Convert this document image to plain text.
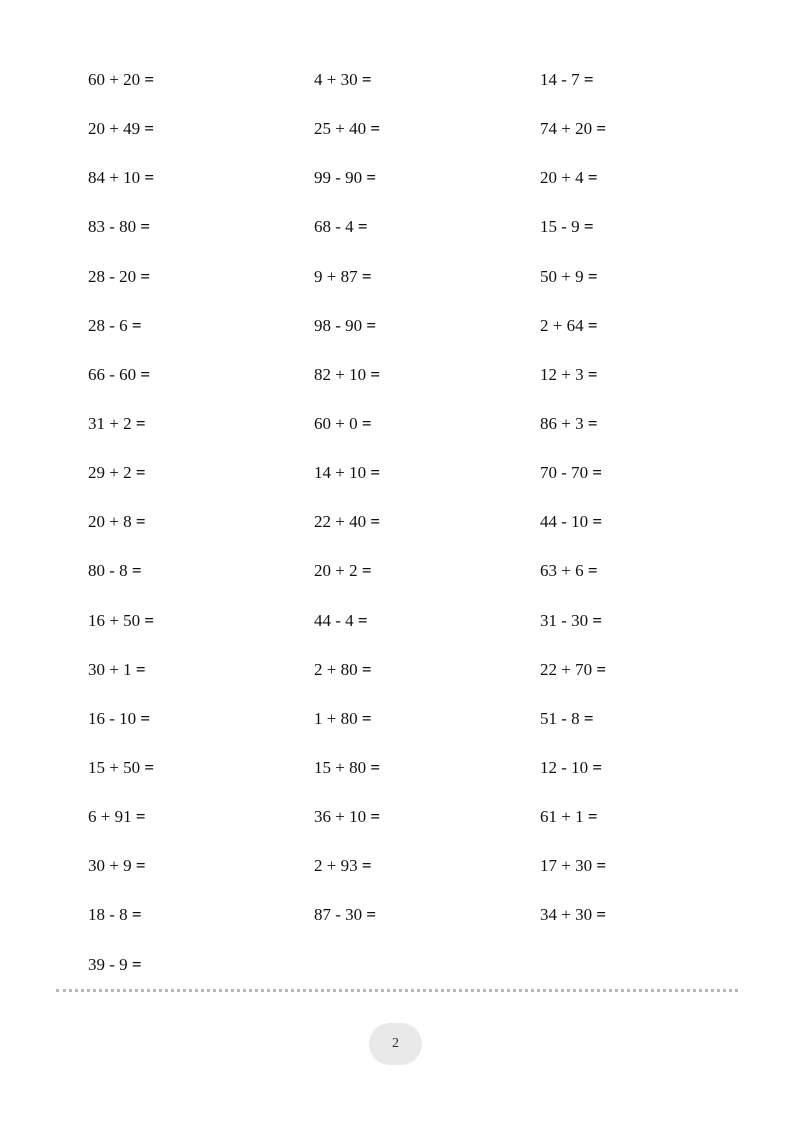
60 + 20 =	4 + 30 =	14 - 7 =
20 + 49 =	25 + 40 =	74 + 20 =
84 + 10 =	99 - 90 =	20 + 4 =
83 - 80 =	68 - 4 =	15 - 9 =
28 - 20 =	9 + 87 =	50 + 9 =
28 - 6 =	98 - 90 =	2 + 64 =
66 - 60 =	82 + 10 =	12 + 3 =
31 + 2 =	60 + 0 =	86 + 3 =
29 + 2 =	14 + 10 =	70 - 70 =
20 + 8 =	22 + 40 =	44 - 10 =
80 - 8 =	20 + 2 =	63 + 6 =
16 + 50 =	44 - 4 =	31 - 30 =
30 + 1 =	2 + 80 =	22 + 70 =
16 - 10 =	1 + 80 =	51 - 8 =
15 + 50 =	15 + 80 =	12 - 10 =
6 + 91 =	36 + 10 =	61 + 1 =
30 + 9 =	2 + 93 =	17 + 30 =
18 - 8 =	87 - 30 =	34 + 30 =
39 - 9 =
2
